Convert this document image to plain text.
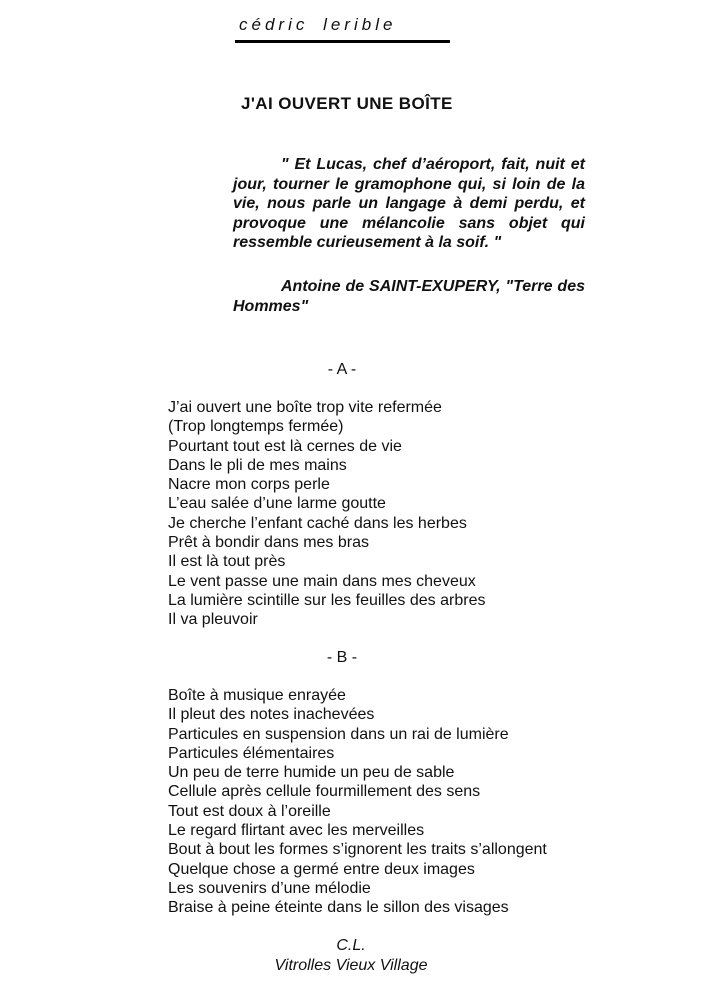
cédric lerible
J'AI OUVERT UNE BOÎTE
" Et Lucas, chef d’aéroport, fait, nuit et jour, tourner le gramophone qui, si loin de la vie, nous parle un langage à demi perdu, et provoque une mélancolie sans objet qui ressemble curieusement à la soif. "

Antoine de SAINT-EXUPERY, "Terre des Hommes"

- A -
J’ai ouvert une boîte trop vite refermée
(Trop longtemps fermée)
Pourtant tout est là cernes de vie
Dans le pli de mes mains
Nacre mon corps perle
L’eau salée d’une larme goutte
Je cherche l’enfant caché dans les herbes
Prêt à bondir dans mes bras
Il est là tout près
Le vent passe une main dans mes cheveux
La lumière scintille sur les feuilles des arbres
Il va pleuvoir
- B -
Boîte à musique enrayée
Il pleut des notes inachevées
Particules en suspension dans un rai de lumière
Particules élémentaires
Un peu de terre humide un peu de sable
Cellule après cellule fourmillement des sens
Tout est doux à l’oreille
Le regard flirtant avec les merveilles
Bout à bout les formes s’ignorent les traits s’allongent
Quelque chose a germé entre deux images
Les souvenirs d’une mélodie
Braise à peine éteinte dans le sillon des visages
C.L.
Vitrolles Vieux Village
